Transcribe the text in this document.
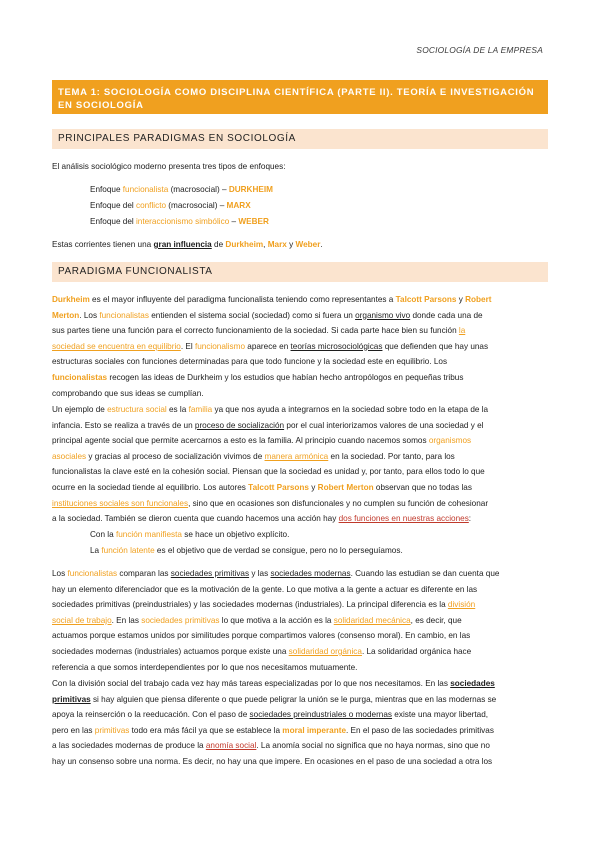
SOCIOLOGÍA DE LA EMPRESA
TEMA 1: SOCIOLOGÍA COMO DISCIPLINA CIENTÍFICA (PARTE II). TEORÍA E INVESTIGACIÓN EN SOCIOLOGÍA
PRINCIPALES PARADIGMAS EN SOCIOLOGÍA
El análisis sociológico moderno presenta tres tipos de enfoques:
Enfoque funcionalista (macrosocial) – DURKHEIM
Enfoque del conflicto (macrosocial) – MARX
Enfoque del interaccionismo simbólico – WEBER
Estas corrientes tienen una gran influencia de Durkheim, Marx y Weber.
PARADIGMA FUNCIONALISTA
Durkheim es el mayor influyente del paradigma funcionalista teniendo como representantes a Talcott Parsons y Robert
Merton. Los funcionalistas entienden el sistema social (sociedad) como si fuera un organismo vivo donde cada una de
sus partes tiene una función para el correcto funcionamiento de la sociedad. Si cada parte hace bien su función la
sociedad se encuentra en equilibrio. El funcionalismo aparece en teorías microsociológicas que defienden que hay unas
estructuras sociales con funciones determinadas para que todo funcione y la sociedad este en equilibrio. Los
funcionalistas recogen las ideas de Durkheim y los estudios que habían hecho antropólogos en pequeñas tribus
comprobando que sus ideas se cumplían.
Un ejemplo de estructura social es la familia ya que nos ayuda a integrarnos en la sociedad sobre todo en la etapa de la
infancia. Esto se realiza a través de un proceso de socialización por el cual interiorizamos valores de una sociedad y el
principal agente social que permite acercarnos a esto es la familia. Al principio cuando nacemos somos organismos
asociales y gracias al proceso de socialización vivimos de manera armónica en la sociedad. Por tanto, para los
funcionalistas la clave esté en la cohesión social. Piensan que la sociedad es unidad y, por tanto, para ellos todo lo que
ocurre en la sociedad tiende al equilibrio. Los autores Talcott Parsons y Robert Merton observan que no todas las
instituciones sociales son funcionales, sino que en ocasiones son disfuncionales y no cumplen su función de cohesionar
a la sociedad. También se dieron cuenta que cuando hacemos una acción hay dos funciones en nuestras acciones:
Con la función manifiesta se hace un objetivo explícito.
La función latente es el objetivo que de verdad se consigue, pero no lo perseguíamos.
Los funcionalistas comparan las sociedades primitivas y las sociedades modernas. Cuando las estudian se dan cuenta que
hay un elemento diferenciador que es la motivación de la gente. Lo que motiva a la gente a actuar es diferente en las
sociedades primitivas (preindustriales) y las sociedades modernas (industriales). La principal diferencia es la división
social de trabajo. En las sociedades primitivas lo que motiva a la acción es la solidaridad mecánica, es decir, que
actuamos porque estamos unidos por similitudes porque compartimos valores (consenso moral). En cambio, en las
sociedades modernas (industriales) actuamos porque existe una solidaridad orgánica. La solidaridad orgánica hace
referencia a que somos interdependientes por lo que nos necesitamos mutuamente.
Con la división social del trabajo cada vez hay más tareas especializadas por lo que nos necesitamos. En las sociedades
primitivas si hay alguien que piensa diferente o que puede peligrar la unión se le purga, mientras que en las modernas se
apoya la reinserción o la reeducación. Con el paso de sociedades preindustriales o modernas existe una mayor libertad,
pero en las primitivas todo era más fácil ya que se establece la moral imperante. En el paso de las sociedades primitivas
a las sociedades modernas de produce la anomía social. La anomía social no significa que no haya normas, sino que no
hay un consenso sobre una norma. Es decir, no hay una que impere. En ocasiones en el paso de una sociedad a otra los
